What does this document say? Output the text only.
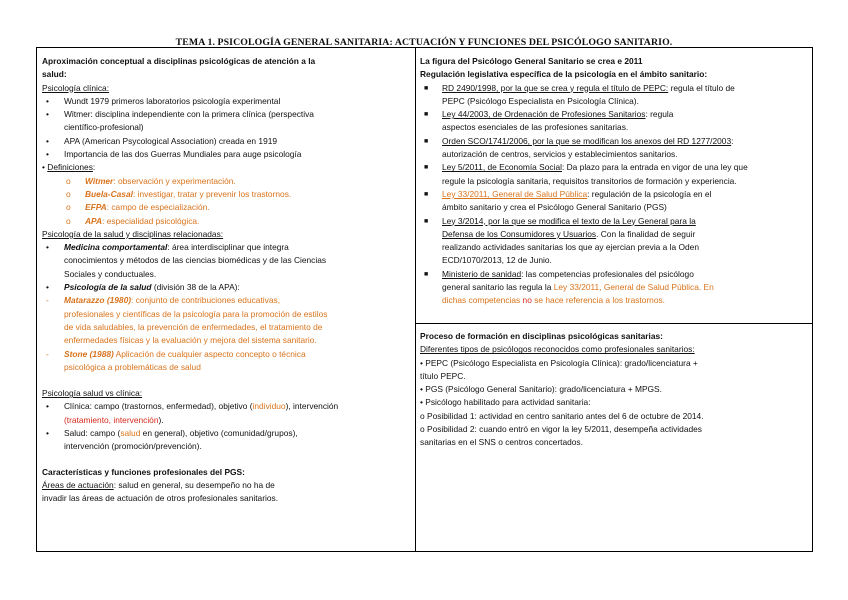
TEMA 1. PSICOLOGÍA GENERAL SANITARIA: ACTUACIÓN Y FUNCIONES DEL PSICÓLOGO SANITARIO.

Aproximación conceptual a disciplinas psicológicas de atención a la

salud:

Psicología clínica:

• Wundt 1979 primeros laboratorios psicología experimental
• Witmer: disciplina independiente con la primera clínica (perspectiva
científico-profesional)
• APA (American Psycological Association) creada en 1919
• Importancia de las dos Guerras Mundiales para auge psicología

• Definiciones:

o Witmer: observación y experimentación.
o Buela-Casal: investigar, tratar y prevenir los trastornos.
o EFPA: campo de especialización.
o APA: especialidad psicológica.

Psicología de la salud y disciplinas relacionadas:

• Medicina comportamental: área interdisciplinar que integra
conocimientos y métodos de las ciencias biomédicas y de las Ciencias
Sociales y conductuales.
• Psicología de la salud (división 38 de la APA):
- Matarazzo (1980): conjunto de contribuciones educativas,
profesionales y científicas de la psicología para la promoción de estilos
de vida saludables, la prevención de enfermedades, el tratamiento de
enfermedades físicas y la evaluación y mejora del sistema sanitario.
- Stone (1988) Aplicación de cualquier aspecto concepto o técnica
psicológica a problemáticas de salud

Psicología salud vs clínica:

• Clínica: campo (trastornos, enfermedad), objetivo (individuo), intervención
(tratamiento, intervención).
• Salud: campo (salud en general), objetivo (comunidad/grupos),
intervención (promoción/prevención).

Características y funciones profesionales del PGS:

Áreas de actuación: salud en general, su desempeño no ha de
invadir las áreas de actuación de otros profesionales sanitarios.

La figura del Psicólogo General Sanitario se crea e 2011

Regulación legislativa específica de la psicología en el ámbito sanitario:

■ RD 2490/1998, por la que se crea y regula el título de PEPC: regula el título de
PEPC (Psicólogo Especialista en Psicología Clínica).
■ Ley 44/2003, de Ordenación de Profesiones Sanitarios: regula
aspectos esenciales de las profesiones sanitarias.
■ Orden SCO/1741/2006, por la que se modifican los anexos del RD 1277/2003:
autorización de centros, servicios y establecimientos sanitarios.
■ Ley 5/2011, de Economía Social: Da plazo para la entrada en vigor de una ley que
regule la psicología sanitaria, requisitos transitorios de formación y experiencia.
■ Ley 33/2011, General de Salud Pública: regulación de la psicología en el
ámbito sanitario y crea el Psicólogo General Sanitario (PGS)
■ Ley 3/2014, por la que se modifica el texto de la Ley General para la
Defensa de los Consumidores y Usuarios. Con la finalidad de seguir
realizando actividades sanitarias los que ay ejercian previa a la Oden
ECD/1070/2013, 12 de Junio.
■ Ministerio de sanidad: las competencias profesionales del psicólogo
general sanitario las regula la Ley 33/2011, General de Salud Pública. En
dichas competencias no se hace referencia a los trastornos.

Proceso de formación en disciplinas psicológicas sanitarias:

Diferentes tipos de psicólogos reconocidos como profesionales sanitarios:

• PEPC (Psicólogo Especialista en Psicología Clínica): grado/licenciatura +

título PEPC.

• PGS (Psicólogo General Sanitario): grado/licenciatura + MPGS.

• Psicólogo habilitado para actividad sanitaria:

o Posibilidad 1: actividad en centro sanitario antes del 6 de octubre de 2014.

o Posibilidad 2: cuando entró en vigor la ley 5/2011, desempeña actividades

sanitarias en el SNS o centros concertados.
